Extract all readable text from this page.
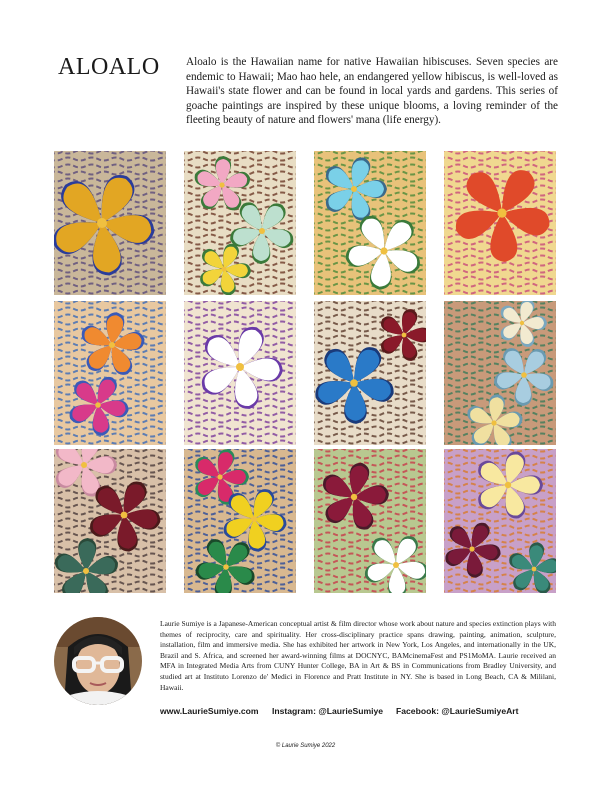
ALOALO Aloalo is the Hawaiian name for native Hawaiian hibiscuses. Seven species are endemic to Hawaii; Mao hao hele, an endangered yellow hibiscus, is well-loved as Hawaii's state flower and can be found in local yards and gardens. This series of goache paintings are inspired by these unique blooms, a loving reminder of the fleeting beauty of nature and flowers' mana (life energy).

Laurie Sumiye is a Japanese-American conceptual artist & film director whose work about nature and species extinction plays with themes of reciprocity, care and spirituality. Her cross-disciplinary practice spans drawing, painting, animation, sculpture, installation, film and immersive media. She has exhibited her artwork in New York, Los Angeles, and internationally in the UK, Brazil and S. Africa, and screened her award-winning films at DOCNYC, BAMcinemaFest and PS1MoMA. Laurie received an MFA in Integrated Media Arts from CUNY Hunter College, BA in Art & BS in Communications from Bradley University, and studied art at Instituto Lorenzo de' Medici in Florence and Pratt Institute in NY. She is based in Long Beach, CA & Mililani, Hawaii.

www.LaurieSumiye.com Instagram: @LaurieSumiye Facebook: @LaurieSumiyeArt
© Laurie Sumiye 2022
